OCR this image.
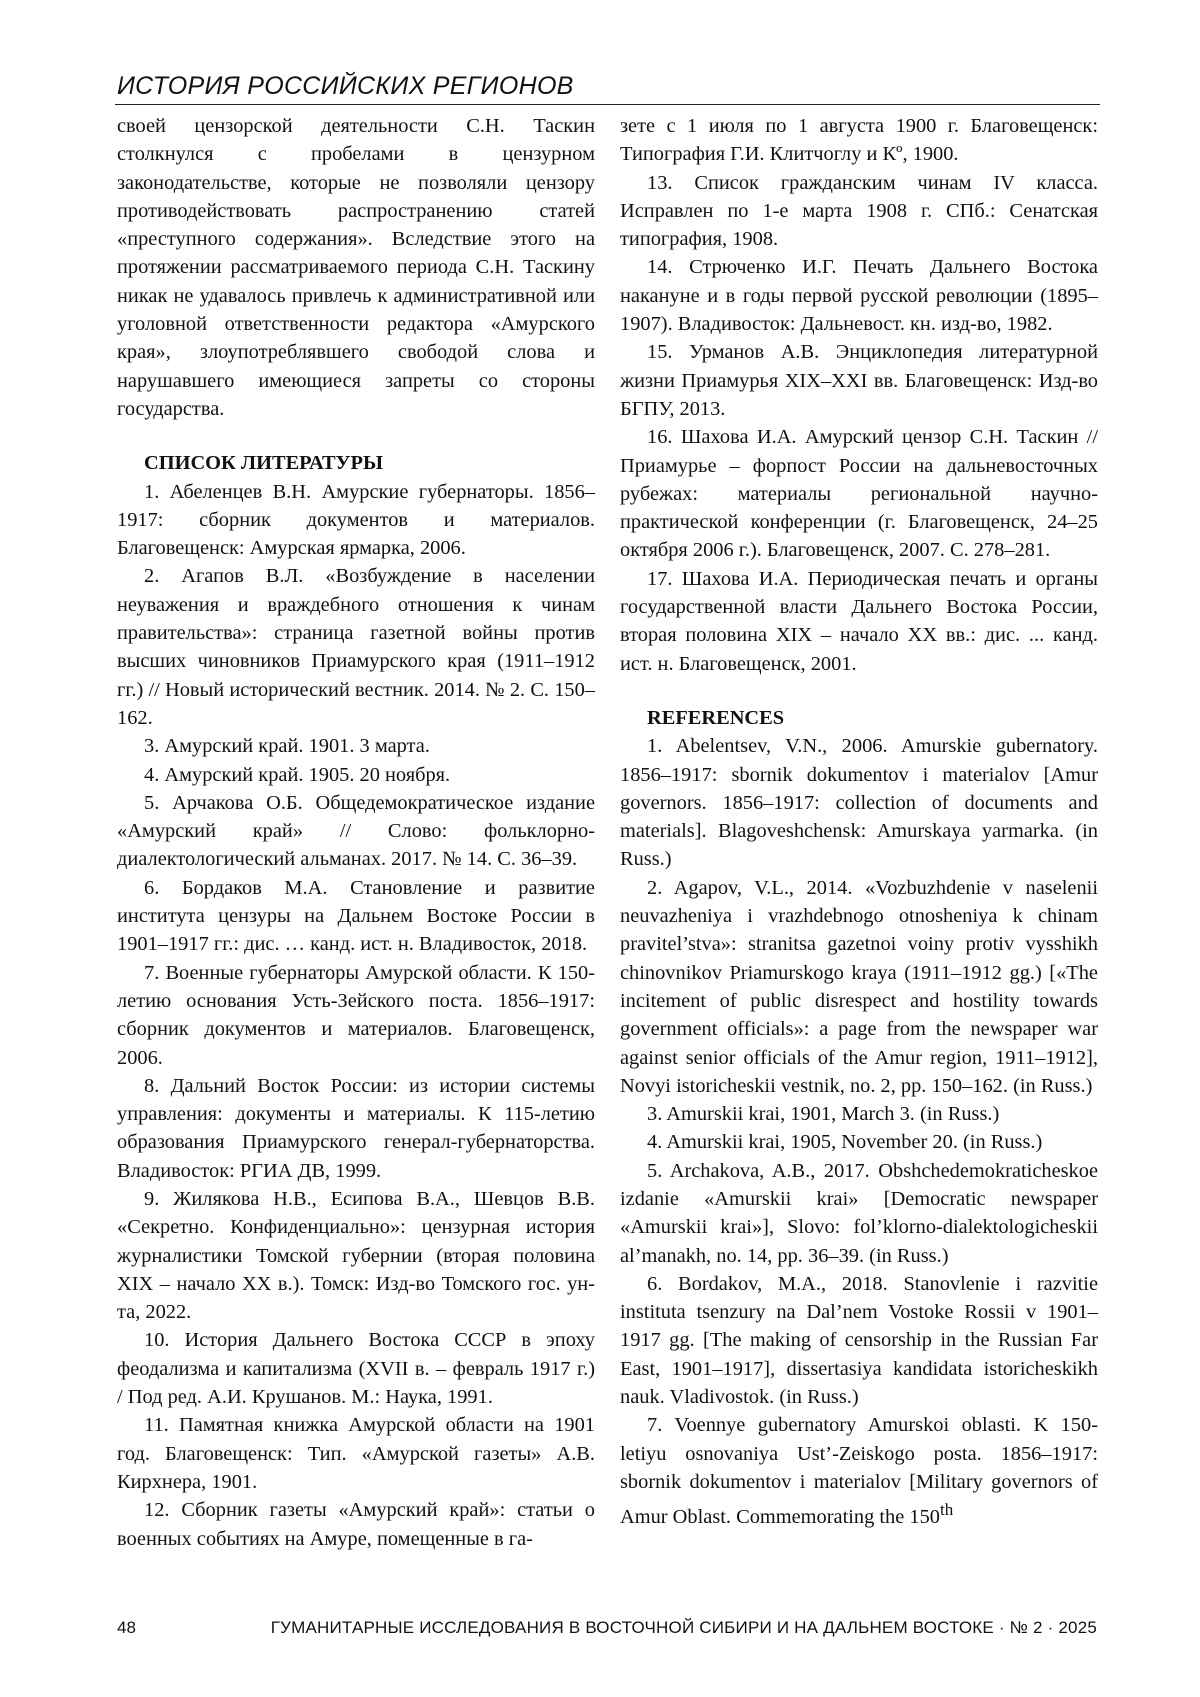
ИСТОРИЯ РОССИЙСКИХ РЕГИОНОВ

своей цензорской деятельности С.Н. Таскин столкнулся с пробелами в цензурном законодательстве, которые не позволяли цензору противодействовать распространению статей «преступного содержания». Вследствие этого на протяжении рассматриваемого периода С.Н. Таскину никак не удавалось привлечь к административной или уголовной ответственности редактора «Амурского края», злоупотреблявшего свободой слова и нарушавшего имеющиеся запреты со стороны государства.

СПИСОК ЛИТЕРАТУРЫ

1. Абеленцев В.Н. Амурские губернаторы. 1856–1917: сборник документов и материалов. Благовещенск: Амурская ярмарка, 2006.

2. Агапов В.Л. «Возбуждение в населении неуважения и враждебного отношения к чинам правительства»: страница газетной войны против высших чиновников Приамурского края (1911–1912 гг.) // Новый исторический вестник. 2014. № 2. С. 150–162.

3. Амурский край. 1901. 3 марта.

4. Амурский край. 1905. 20 ноября.

5. Арчакова О.Б. Общедемократическое издание «Амурский край» // Слово: фольклорно-диалектологический альманах. 2017. № 14. С. 36–39.

6. Бордаков М.А. Становление и развитие института цензуры на Дальнем Востоке России в 1901–1917 гг.: дис. … канд. ист. н. Владивосток, 2018.

7. Военные губернаторы Амурской области. К 150-летию основания Усть-Зейского поста. 1856–1917: сборник документов и материалов. Благовещенск, 2006.

8. Дальний Восток России: из истории системы управления: документы и материалы. К 115-летию образования Приамурского генерал-губернаторства. Владивосток: РГИА ДВ, 1999.

9. Жилякова Н.В., Есипова В.А., Шевцов В.В. «Секретно. Конфиденциально»: цензурная история журналистики Томской губернии (вторая половина XIX – начало XX в.). Томск: Изд-во Томского гос. ун-та, 2022.

10. История Дальнего Востока СССР в эпоху феодализма и капитализма (XVII в. – февраль 1917 г.) / Под ред. А.И. Крушанов. М.: Наука, 1991.

11. Памятная книжка Амурской области на 1901 год. Благовещенск: Тип. «Амурской газеты» А.В. Кирхнера, 1901.

12. Сборник газеты «Амурский край»: статьи о военных событиях на Амуре, помещенные в га-

зете с 1 июля по 1 августа 1900 г. Благовещенск: Типография Г.И. Клитчоглу и Кº, 1900.

13. Список гражданским чинам IV класса. Исправлен по 1-е марта 1908 г. СПб.: Сенатская типография, 1908.

14. Стрюченко И.Г. Печать Дальнего Востока накануне и в годы первой русской революции (1895–1907). Владивосток: Дальневост. кн. изд-во, 1982.

15. Урманов А.В. Энциклопедия литературной жизни Приамурья XIX–XXI вв. Благовещенск: Изд-во БГПУ, 2013.

16. Шахова И.А. Амурский цензор С.Н. Таскин // Приамурье – форпост России на дальневосточных рубежах: материалы региональной научно-практической конференции (г. Благовещенск, 24–25 октября 2006 г.). Благовещенск, 2007. С. 278–281.

17. Шахова И.А. Периодическая печать и органы государственной власти Дальнего Востока России, вторая половина XIX – начало XX вв.: дис. ... канд. ист. н. Благовещенск, 2001.

REFERENCES

1. Abelentsev, V.N., 2006. Amurskie gubernatory. 1856–1917: sbornik dokumentov i materialov [Amur governors. 1856–1917: collection of documents and materials]. Blagoveshchensk: Amurskaya yarmarka. (in Russ.)

2. Agapov, V.L., 2014. «Vozbuzhdenie v naselenii neuvazheniya i vrazhdebnogo otnosheniya k chinam pravitel’stva»: stranitsa gazetnoi voiny protiv vysshikh chinovnikov Priamurskogo kraya (1911–1912 gg.) [«The incitement of public disrespect and hostility towards government officials»: a page from the newspaper war against senior officials of the Amur region, 1911–1912], Novyi istoricheskii vestnik, no. 2, pp. 150–162. (in Russ.)

3. Amurskii krai, 1901, March 3. (in Russ.)

4. Amurskii krai, 1905, November 20. (in Russ.)

5. Archakova, A.B., 2017. Obshchedemokraticheskoe izdanie «Amurskii krai» [Democratic newspaper «Amurskii krai»], Slovo: fol’klorno-dialektologicheskii al’manakh, no. 14, pp. 36–39. (in Russ.)

6. Bordakov, M.A., 2018. Stanovlenie i razvitie instituta tsenzury na Dal’nem Vostoke Rossii v 1901–1917 gg. [The making of censorship in the Russian Far East, 1901–1917], dissertasiya kandidata istoricheskikh nauk. Vladivostok. (in Russ.)

7. Voennye gubernatory Amurskoi oblasti. K 150-letiyu osnovaniya Ust’-Zeiskogo posta. 1856–1917: sbornik dokumentov i materialov [Military governors of Amur Oblast. Commemorating the 150th

48	ГУМАНИТАРНЫЕ ИССЛЕДОВАНИЯ В ВОСТОЧНОЙ СИБИРИ И НА ДАЛЬНЕМ ВОСТОКЕ · № 2 · 2025
